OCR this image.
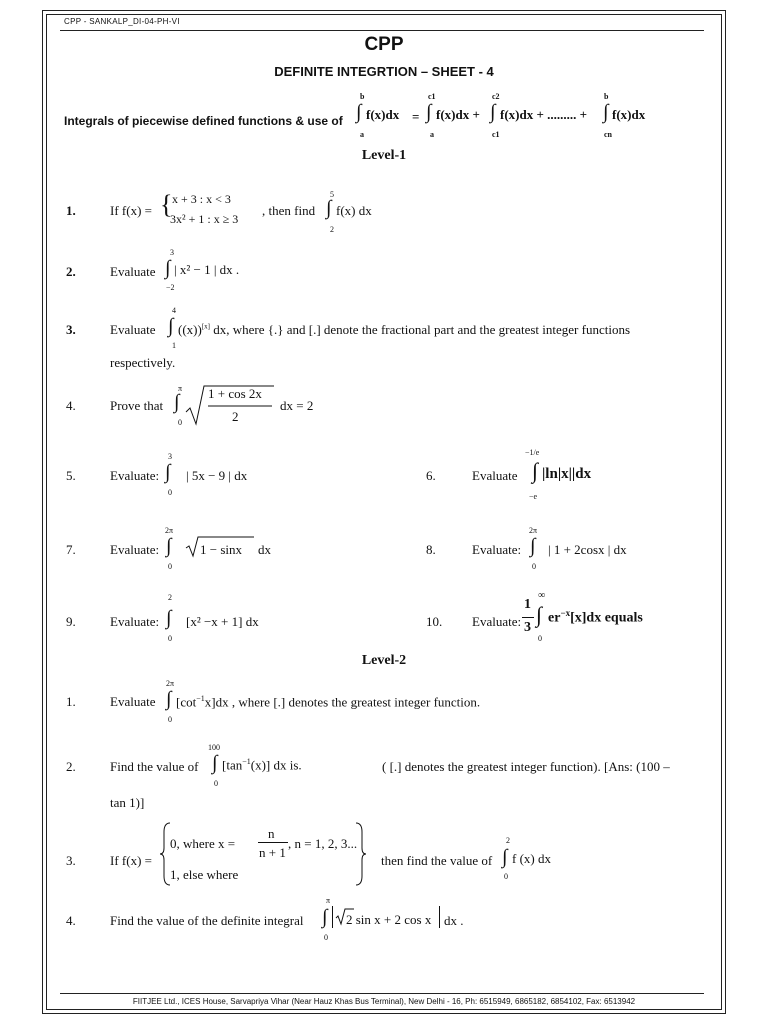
CPP - SANKALP_DI-04-PH-VI
CPP
DEFINITE INTEGRTION – SHEET - 4
Integrals of piecewise defined functions & use of ∫
b
a
f(x)dx = ∫
c1
a
f(x)dx + ∫
c2
c1
f(x)dx + ......... + ∫
b
cn
f(x)dx
Level-1
1.	If f(x) = { x + 3 : x < 3
3x² + 1 : x ≥ 3
, then find ∫
5
2
f(x) dx
2.	Evaluate ∫
3
−2
| x² − 1 | dx .
3.	Evaluate ∫
4
1
((x))[x] dx, where {.} and [.] denote the fractional part and the greatest integer functions
respectively.
4.	Prove that ∫
π
0
1 + cos 2x
2
dx = 2
5.	Evaluate: ∫
3
0
| 5x − 9 | dx	6.	Evaluate ∫
−1/e
−e
|ln|x||dx
7.	Evaluate: ∫
2π
0
1 − sinx dx	8.	Evaluate: ∫
2π
0
| 1 + 2cosx | dx
9.	Evaluate: ∫
2
0
[x² −x + 1] dx	10. Evaluate:
1
3
∫
∞
0
$er^{-x}[x]dx$ equals
Level-2
1.	Evaluate ∫
2π
0
$[\cot^{-1}x]dx$ , where [.] denotes the greatest integer function.
2.	Find the value of ∫
100
0
$[\tan^{-1}(x)]$ dx is.	( [.] denotes the greatest integer function). [Ans: (100 –
tan 1)]
3.	If f(x) =
0, where x =
n
n + 1
, n = 1, 2, 3...
1, else where
then find the value of ∫
2
0
f (x) dx
4.	Find the value of the definite integral ∫
π
0
2 sin x + 2 cos x dx .
FIITJEE Ltd., ICES House, Sarvapriya Vihar (Near Hauz Khas Bus Terminal), New Delhi - 16, Ph: 6515949, 6865182, 6854102, Fax: 6513942
